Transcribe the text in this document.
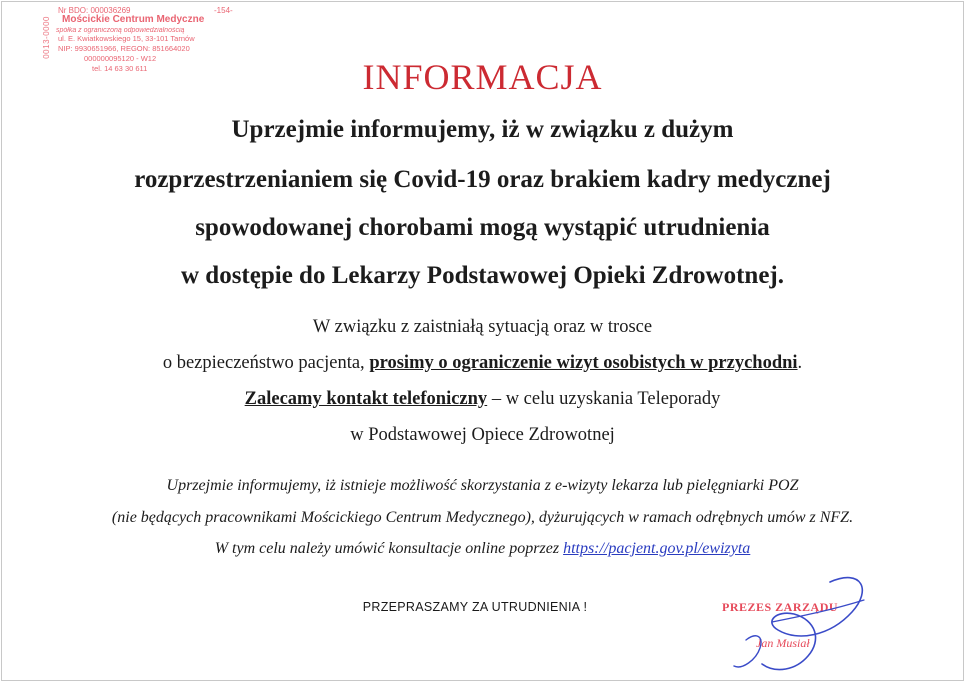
0013-0000
Nr BDO: 000036269	-154-
Mościckie Centrum Medyczne
spółka z ograniczoną odpowiedzialnością
ul. E. Kwiatkowskiego 15, 33-101 Tarnów
NIP: 9930651966, REGON: 851664020
000000095120 - W12
tel. 14 63 30 611	INFORMACJA
Uprzejmie informujemy, iż w związku z dużym
rozprzestrzenianiem się Covid-19 oraz brakiem kadry medycznej
spowodowanej chorobami mogą wystąpić utrudnienia
w dostępie do Lekarzy Podstawowej Opieki Zdrowotnej.
W związku z zaistniałą sytuacją oraz w trosce
o bezpieczeństwo pacjenta, prosimy o ograniczenie wizyt osobistych w przychodni.
Zalecamy kontakt telefoniczny – w celu uzyskania Teleporady
w Podstawowej Opiece Zdrowotnej
Uprzejmie informujemy, iż istnieje możliwość skorzystania z e-wizyty lekarza lub pielęgniarki POZ
(nie będących pracownikami Mościckiego Centrum Medycznego), dyżurujących w ramach odrębnych umów z NFZ.
W tym celu należy umówić konsultacje online poprzez https://pacjent.gov.pl/ewizyta
PRZEPRASZAMY ZA UTRUDNIENIA !	PREZES ZARZĄDU
Jan Musiał
